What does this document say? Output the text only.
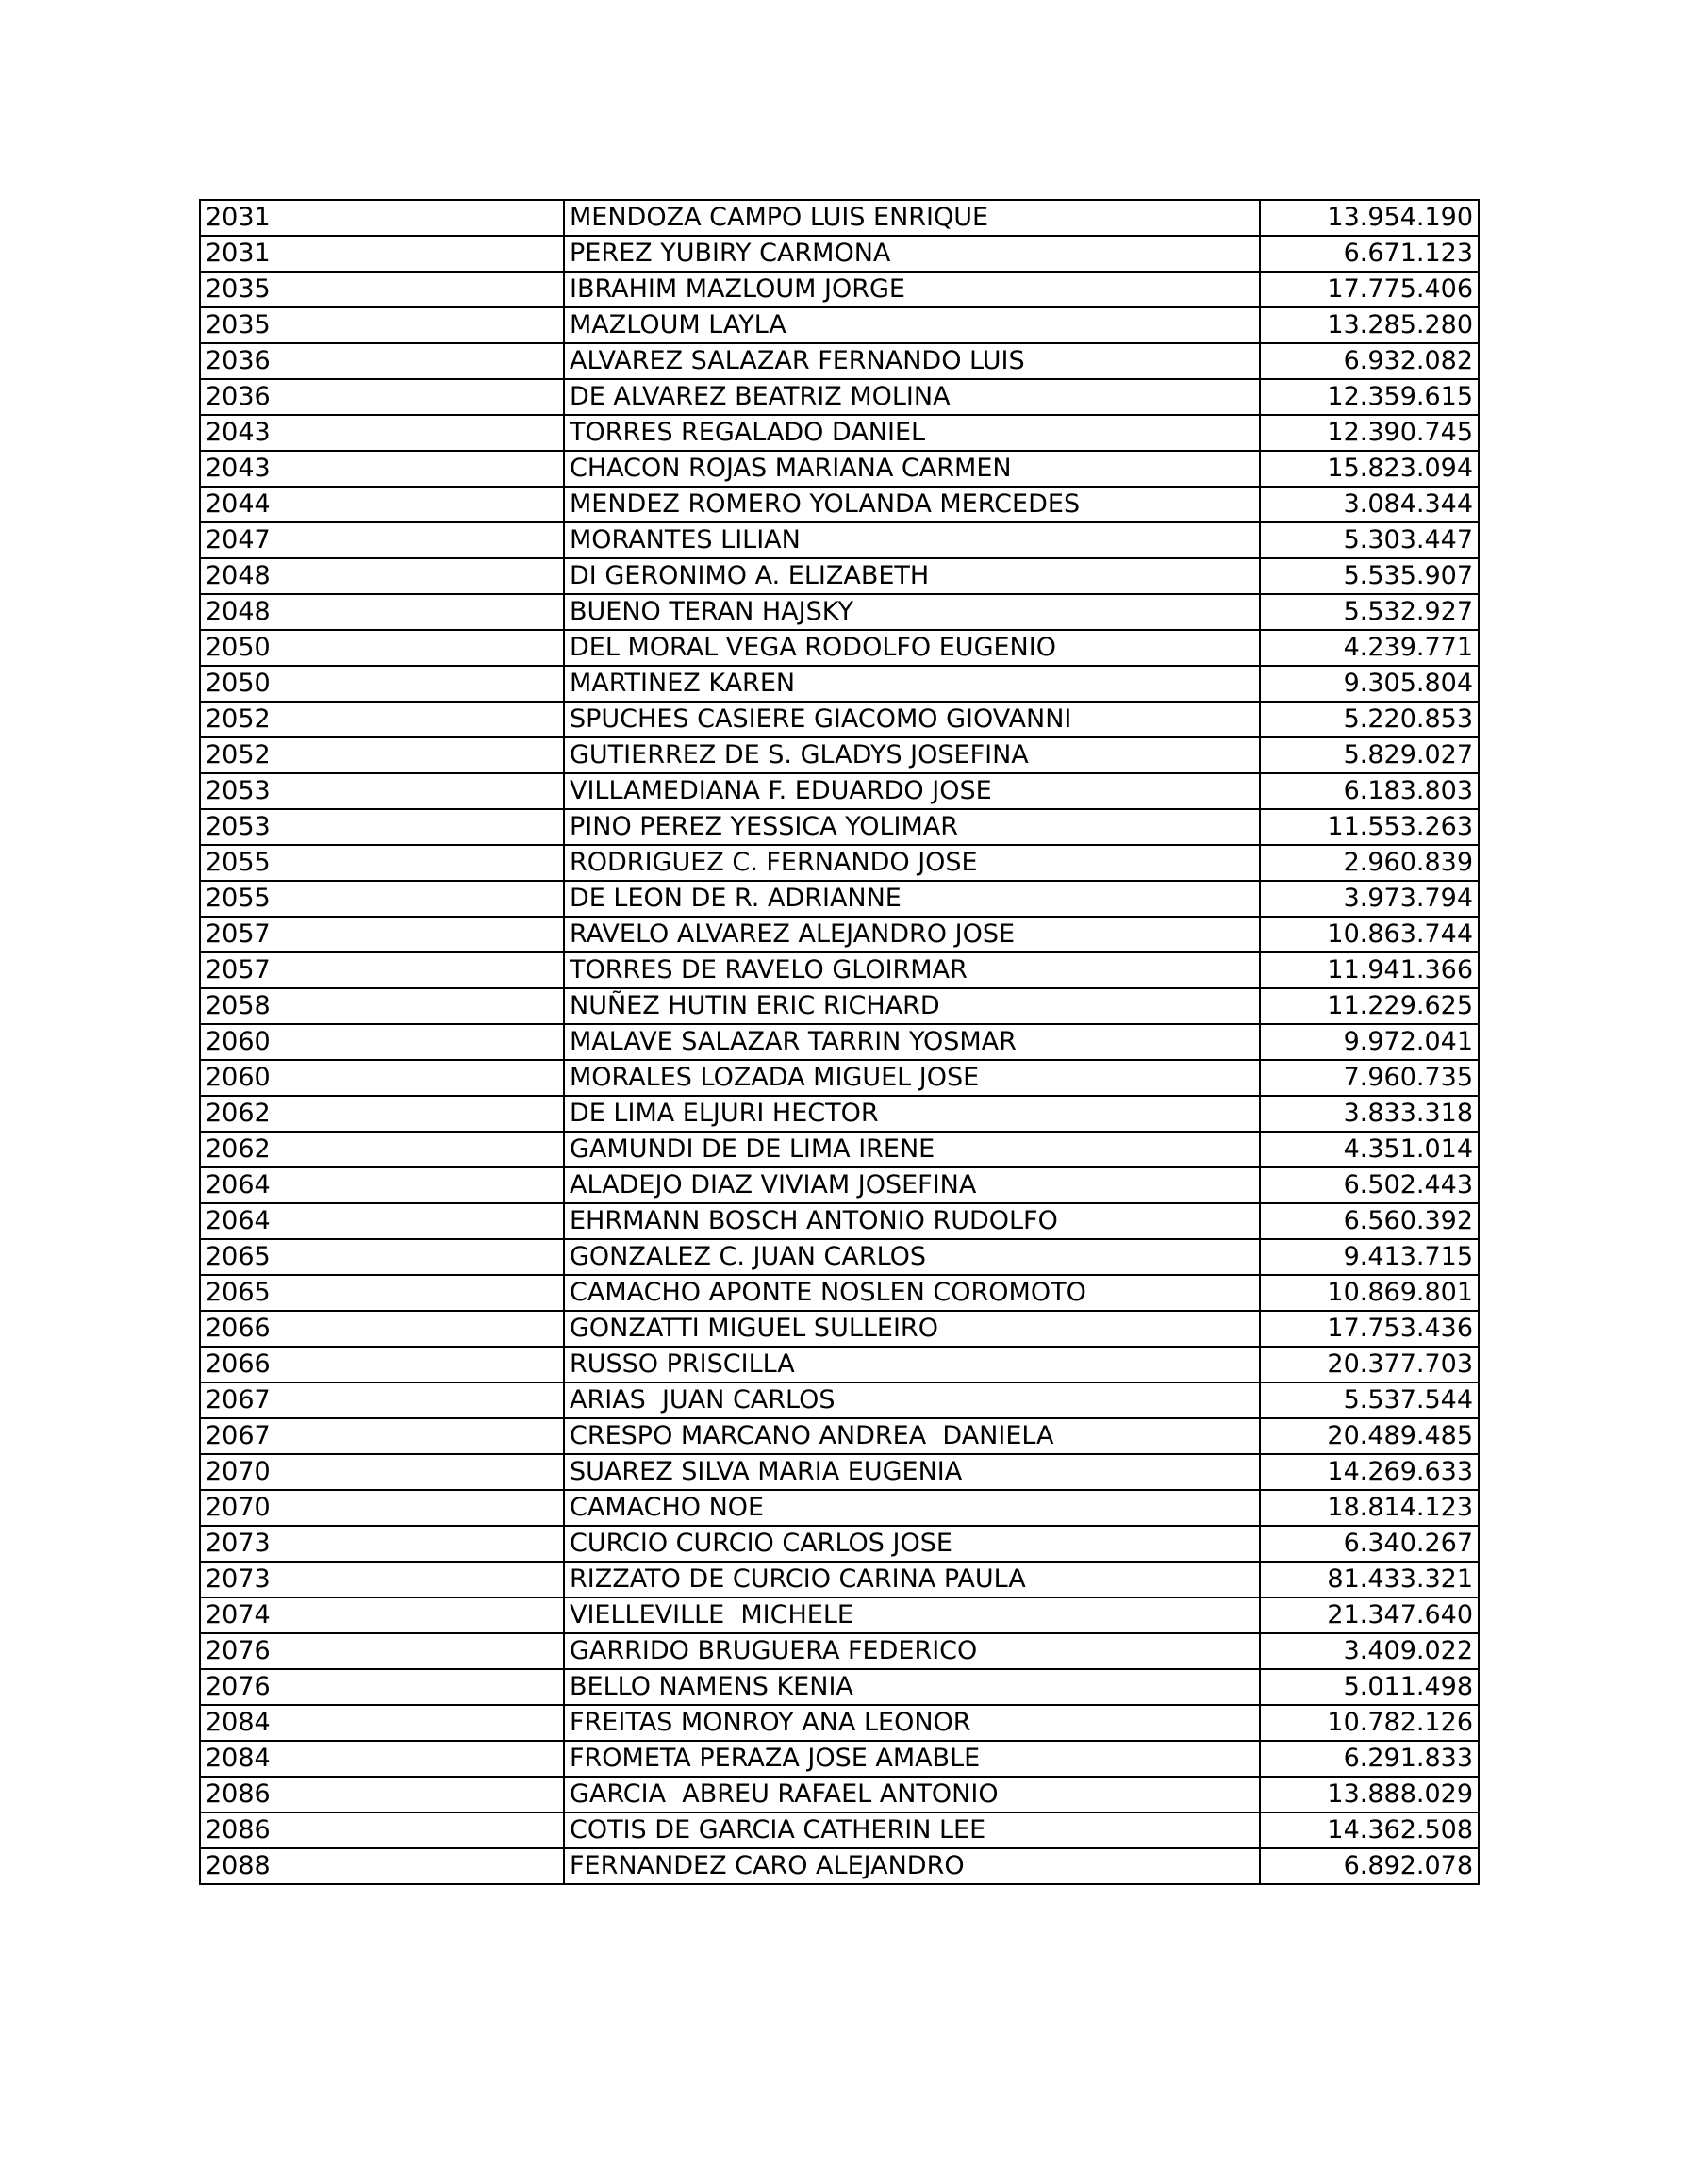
2031	MENDOZA CAMPO LUIS ENRIQUE	13.954.190
2031	PEREZ YUBIRY CARMONA	6.671.123
2035	IBRAHIM MAZLOUM JORGE	17.775.406
2035	MAZLOUM LAYLA	13.285.280
2036	ALVAREZ SALAZAR FERNANDO LUIS	6.932.082
2036	DE ALVAREZ BEATRIZ MOLINA	12.359.615
2043	TORRES REGALADO DANIEL	12.390.745
2043	CHACON ROJAS MARIANA CARMEN	15.823.094
2044	MENDEZ ROMERO YOLANDA MERCEDES	3.084.344
2047	MORANTES LILIAN	5.303.447
2048	DI GERONIMO A. ELIZABETH	5.535.907
2048	BUENO TERAN HAJSKY	5.532.927
2050	DEL MORAL VEGA RODOLFO EUGENIO	4.239.771
2050	MARTINEZ KAREN	9.305.804
2052	SPUCHES CASIERE GIACOMO GIOVANNI	5.220.853
2052	GUTIERREZ DE S. GLADYS JOSEFINA	5.829.027
2053	VILLAMEDIANA F. EDUARDO JOSE	6.183.803
2053	PINO PEREZ YESSICA YOLIMAR	11.553.263
2055	RODRIGUEZ C. FERNANDO JOSE	2.960.839
2055	DE LEON DE R. ADRIANNE	3.973.794
2057	RAVELO ALVAREZ ALEJANDRO JOSE	10.863.744
2057	TORRES DE RAVELO GLOIRMAR	11.941.366
2058	NUÑEZ HUTIN ERIC RICHARD	11.229.625
2060	MALAVE SALAZAR TARRIN YOSMAR	9.972.041
2060	MORALES LOZADA MIGUEL JOSE	7.960.735
2062	DE LIMA ELJURI HECTOR	3.833.318
2062	GAMUNDI DE DE LIMA IRENE	4.351.014
2064	ALADEJO DIAZ VIVIAM JOSEFINA	6.502.443
2064	EHRMANN BOSCH ANTONIO RUDOLFO	6.560.392
2065	GONZALEZ C. JUAN CARLOS	9.413.715
2065	CAMACHO APONTE NOSLEN COROMOTO	10.869.801
2066	GONZATTI MIGUEL SULLEIRO	17.753.436
2066	RUSSO PRISCILLA	20.377.703
2067	ARIAS  JUAN CARLOS	5.537.544
2067	CRESPO MARCANO ANDREA  DANIELA	20.489.485
2070	SUAREZ SILVA MARIA EUGENIA	14.269.633
2070	CAMACHO NOE	18.814.123
2073	CURCIO CURCIO CARLOS JOSE	6.340.267
2073	RIZZATO DE CURCIO CARINA PAULA	81.433.321
2074	VIELLEVILLE  MICHELE	21.347.640
2076	GARRIDO BRUGUERA FEDERICO	3.409.022
2076	BELLO NAMENS KENIA	5.011.498
2084	FREITAS MONROY ANA LEONOR	10.782.126
2084	FROMETA PERAZA JOSE AMABLE	6.291.833
2086	GARCIA  ABREU RAFAEL ANTONIO	13.888.029
2086	COTIS DE GARCIA CATHERIN LEE	14.362.508
2088	FERNANDEZ CARO ALEJANDRO	6.892.078
